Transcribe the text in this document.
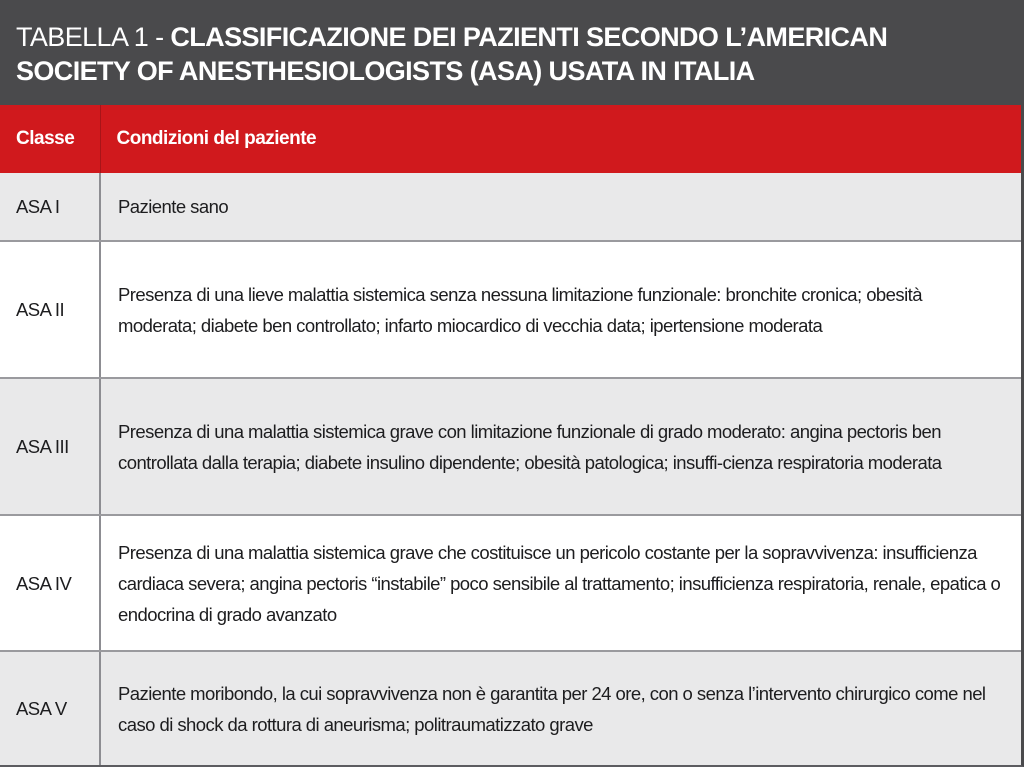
TABELLA 1 - CLASSIFICAZIONE DEI PAZIENTI SECONDO L’AMERICAN SOCIETY OF ANESTHESIOLOGISTS (ASA) USATA IN ITALIA
Classe	Condizioni del paziente
ASA I	Paziente sano
ASA II	Presenza di una lieve malattia sistemica senza nessuna limitazione funzionale: bronchite cronica; obesità moderata; diabete ben controllato; infarto miocardico di vecchia data; ipertensione moderata
ASA III	Presenza di una malattia sistemica grave con limitazione funzionale di grado moderato: angina pectoris ben controllata dalla terapia; diabete insulino dipendente; obesità patologica; insuffi-cienza respiratoria moderata
ASA IV	Presenza di una malattia sistemica grave che costituisce un pericolo costante per la sopravvivenza: insufficienza cardiaca severa; angina pectoris “instabile” poco sensibile al trattamento; insufficienza respiratoria, renale, epatica o endocrina di grado avanzato
ASA V	Paziente moribondo, la cui sopravvivenza non è garantita per 24 ore, con o senza l’intervento chirurgico come nel caso di shock da rottura di aneurisma; politraumatizzato grave
